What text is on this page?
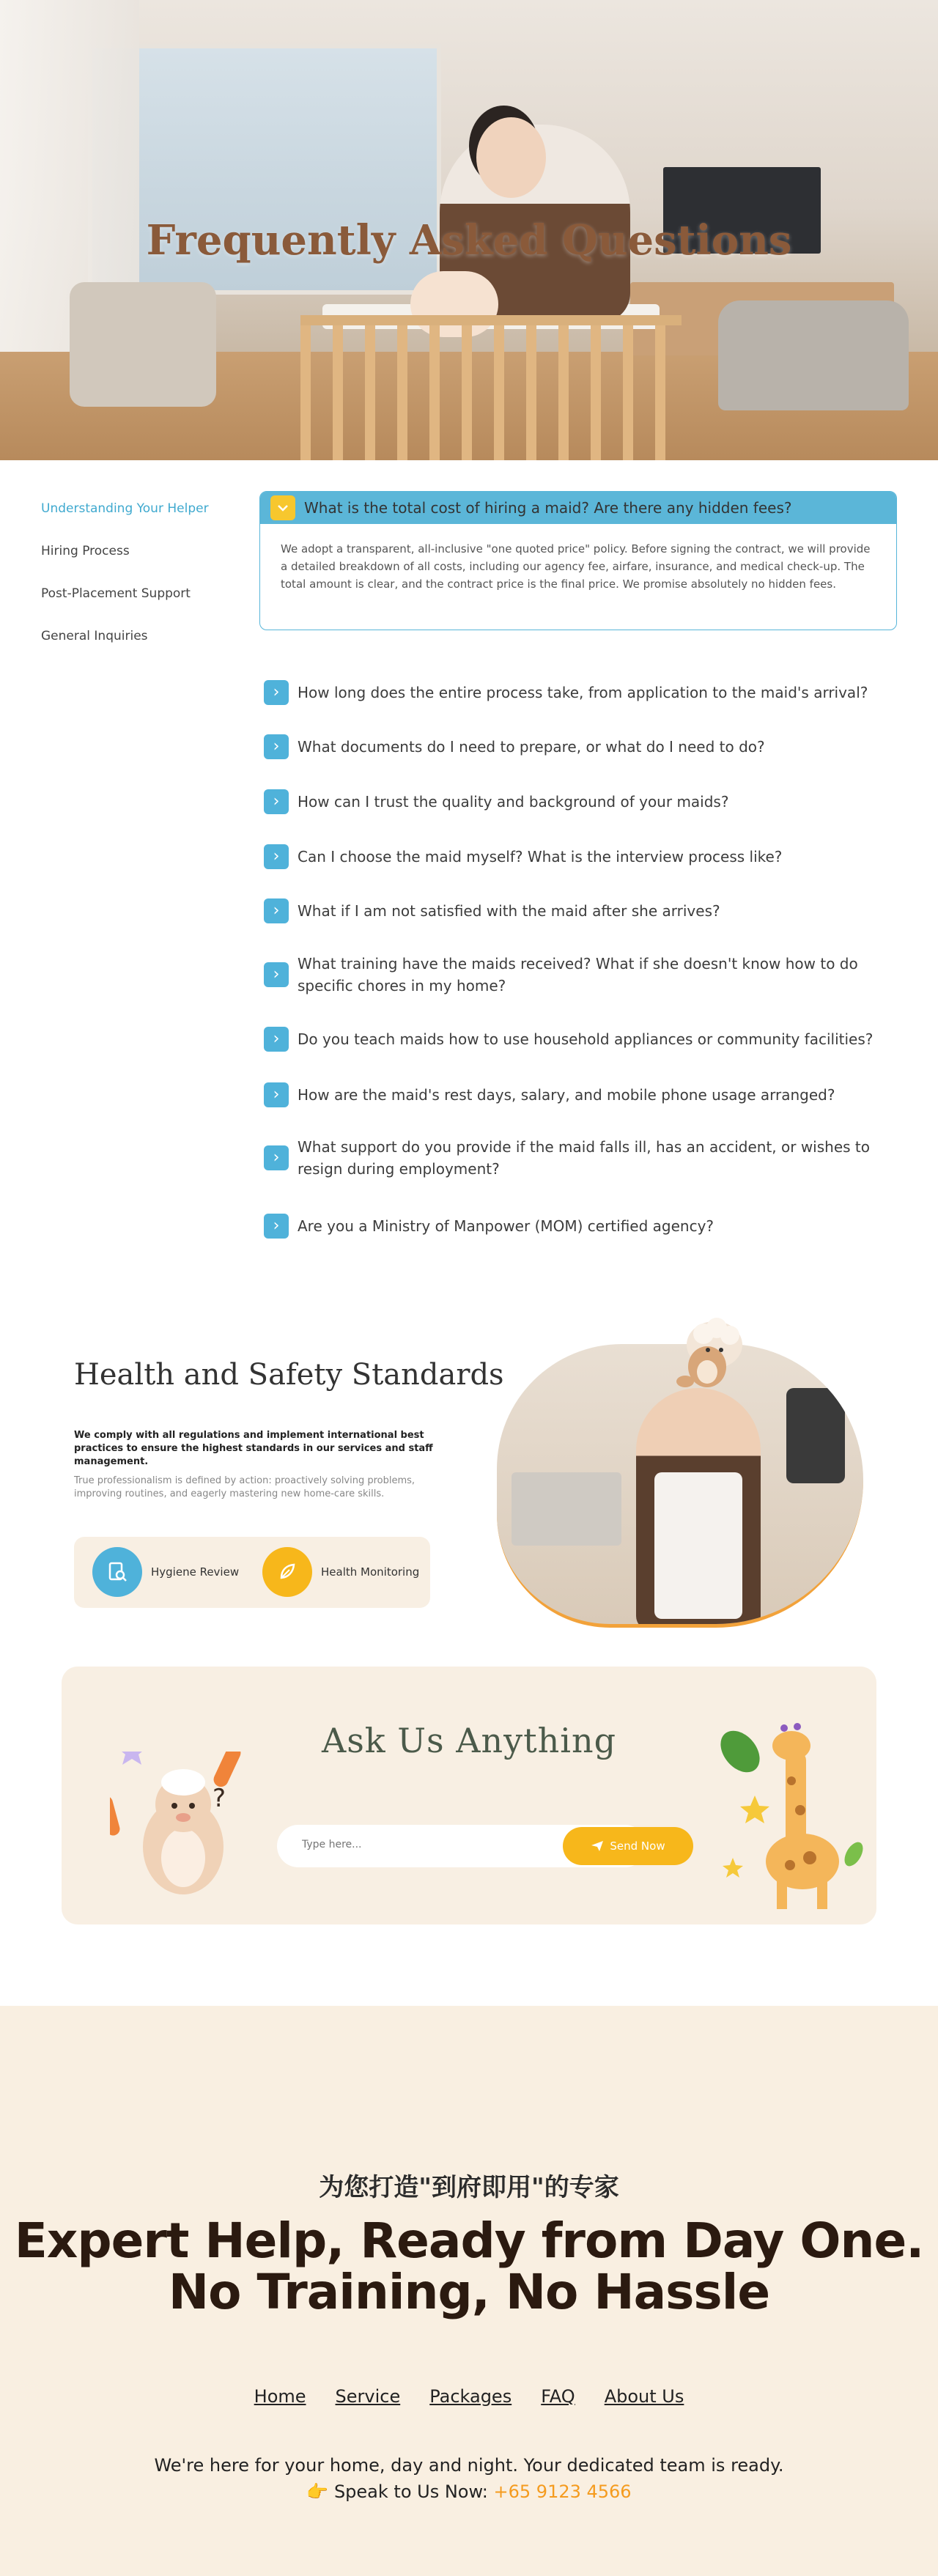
Frequently Asked Questions
Understanding Your Helper
Hiring Process
Post-Placement Support
General Inquiries
What is the total cost of hiring a maid? Are there any hidden fees?
We adopt a transparent, all-inclusive "one quoted price" policy. Before signing the contract, we will provide a detailed breakdown of all costs, including our agency fee, airfare, insurance, and medical check-up. The total amount is clear, and the contract price is the final price. We promise absolutely no hidden fees.
›	How long does the entire process take, from application to the maid's arrival?
›	What documents do I need to prepare, or what do I need to do?
›	How can I trust the quality and background of your maids?
›	Can I choose the maid myself? What is the interview process like?
›	What if I am not satisfied with the maid after she arrives?
›
What training have the maids received? What if she doesn't know how to do specific chores in my home?
›	Do you teach maids how to use household appliances or community facilities?
›	How are the maid's rest days, salary, and mobile phone usage arranged?
›
What support do you provide if the maid falls ill, has an accident, or wishes to resign during employment?
›	Are you a Ministry of Manpower (MOM) certified agency?
Health and Safety Standards

We comply with all regulations and implement international best practices to ensure the highest standards in our services and staff management.

True professionalism is defined by action: proactively solving problems, improving routines, and eagerly mastering new home-care skills.

Hygiene Review	Health Monitoring
Ask Us Anything
Type here...
Send Now
?
为您打造"到府即用"的专家
Expert Help, Ready from Day One.
No Training, No Hassle
Home Service Packages FAQ About Us
We're here for your home, day and night. Your dedicated team is ready.
👉 Speak to Us Now: +65 9123 4566
